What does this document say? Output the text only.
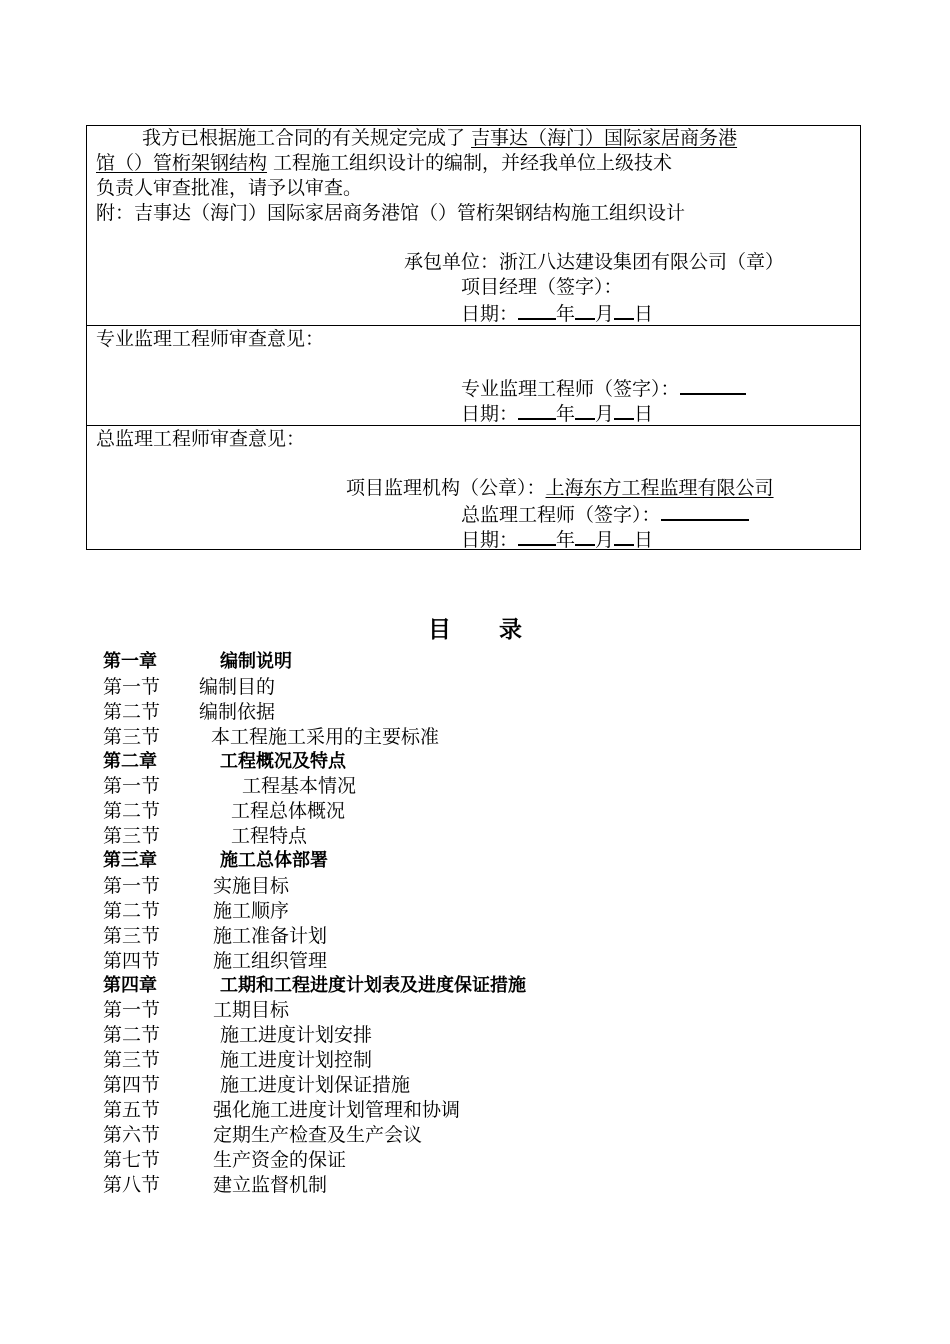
我方已根据施工合同的有关规定完成了 吉事达（海门）国际家居商务港
馆（）管桁架钢结构 工程施工组织设计的编制，并经我单位上级技术
负责人审查批准，请予以审查。
附：吉事达（海门）国际家居商务港馆（）管桁架钢结构施工组织设计
承包单位：浙江八达建设集团有限公司（章）
项目经理（签字）：
日期： 年 月 日
专业监理工程师审查意见：
专业监理工程师（签字）：
日期： 年 月 日
总监理工程师审查意见：
项目监理机构（公章）：上海东方工程监理有限公司
总监理工程师（签字）：
日期： 年 月 日
目录
第一章	编制说明
第一节 编制目的
第二节 编制依据
第三节	本工程施工采用的主要标准
第二章	工程概况及特点
第一节	工程基本情况
第二节	工程总体概况
第三节	工程特点
第三章	施工总体部署
第一节	实施目标
第二节	施工顺序
第三节	施工准备计划
第四节	施工组织管理
第四章	工期和工程进度计划表及进度保证措施
第一节	工期目标
第二节	施工进度计划安排
第三节	施工进度计划控制
第四节	施工进度计划保证措施
第五节	强化施工进度计划管理和协调
第六节	定期生产检查及生产会议
第七节	生产资金的保证
第八节	建立监督机制
